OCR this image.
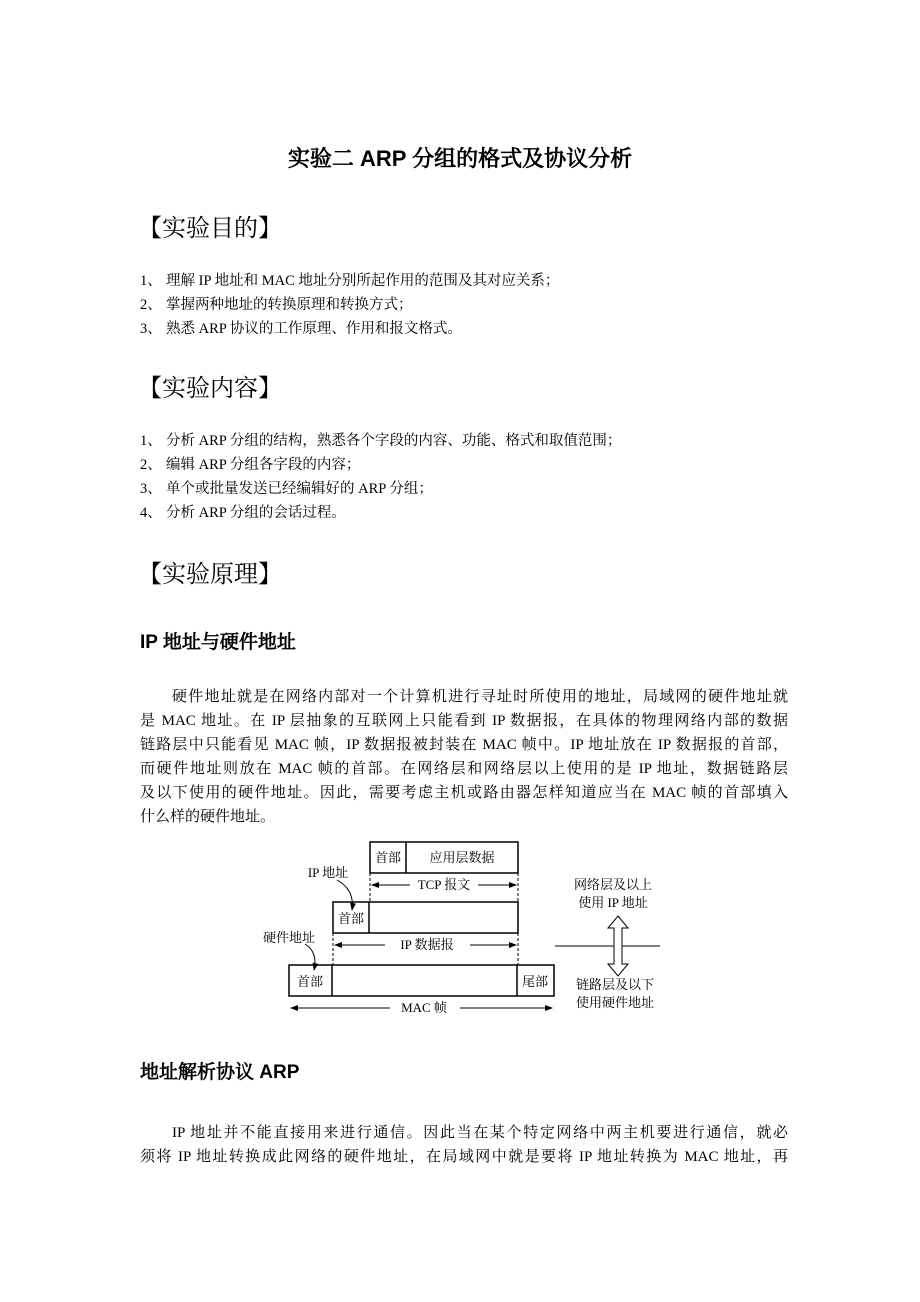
实验二 ARP 分组的格式及协议分析
【实验目的】
1、 理解 IP 地址和 MAC 地址分别所起作用的范围及其对应关系；
2、 掌握两种地址的转换原理和转换方式；
3、 熟悉 ARP 协议的工作原理、作用和报文格式。
【实验内容】
1、 分析 ARP 分组的结构，熟悉各个字段的内容、功能、格式和取值范围；
2、 编辑 ARP 分组各字段的内容；
3、 单个或批量发送已经编辑好的 ARP 分组；
4、 分析 ARP 分组的会话过程。
【实验原理】
IP 地址与硬件地址
硬件地址就是在网络内部对一个计算机进行寻址时所使用的地址，局域网的硬件地址就
是 MAC 地址。在 IP 层抽象的互联网上只能看到 IP 数据报，在具体的物理网络内部的数据
链路层中只能看见 MAC 帧，IP 数据报被封装在 MAC 帧中。IP 地址放在 IP 数据报的首部，
而硬件地址则放在 MAC 帧的首部。在网络层和网络层以上使用的是 IP 地址，数据链路层
及以下使用的硬件地址。因此，需要考虑主机或路由器怎样知道应当在 MAC 帧的首部填入
什么样的硬件地址。
首部 应用层数据
TCP 报文
IP 地址
首部
IP 数据报
硬件地址
首部	尾部
MAC 帧
网络层及以上
使用 IP 地址
链路层及以下
使用硬件地址
地址解析协议 ARP
IP 地址并不能直接用来进行通信。因此当在某个特定网络中两主机要进行通信，就必
须将 IP 地址转换成此网络的硬件地址，在局域网中就是要将 IP 地址转换为 MAC 地址，再
